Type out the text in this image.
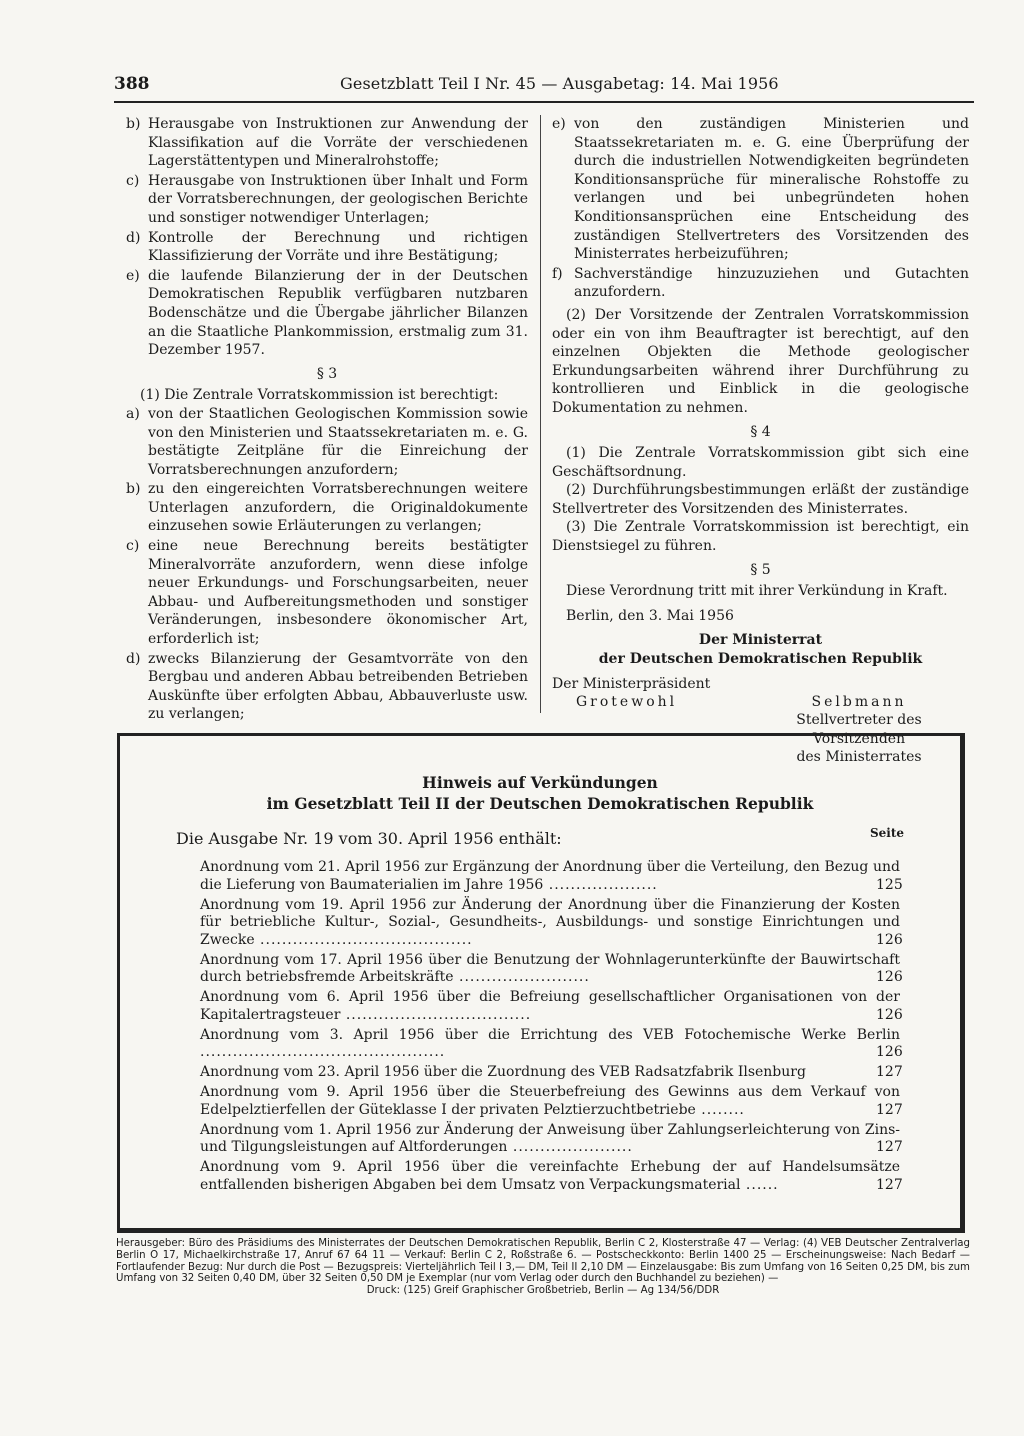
388	Gesetzblatt Teil I Nr. 45 — Ausgabetag: 14. Mai 1956
b) Herausgabe von Instruktionen zur Anwendung der Klassifikation auf die Vorräte der verschiedenen Lagerstättentypen und Mineralrohstoffe;
c) Herausgabe von Instruktionen über Inhalt und Form der Vorratsberechnungen, der geologischen Berichte und sonstiger notwendiger Unterlagen;
d) Kontrolle der Berechnung und richtigen Klassifizierung der Vorräte und ihre Bestätigung;
e) die laufende Bilanzierung der in der Deutschen Demokratischen Republik verfügbaren nutzbaren Bodenschätze und die Übergabe jährlicher Bilanzen an die Staatliche Plankommission, erstmalig zum 31. Dezember 1957.
§ 3
(1) Die Zentrale Vorratskommission ist berechtigt:
a) von der Staatlichen Geologischen Kommission sowie von den Ministerien und Staatssekretariaten m. e. G. bestätigte Zeitpläne für die Einreichung der Vorratsberechnungen anzufordern;
b) zu den eingereichten Vorratsberechnungen weitere Unterlagen anzufordern, die Originaldokumente einzusehen sowie Erläuterungen zu verlangen;
c) eine neue Berechnung bereits bestätigter Mineralvorräte anzufordern, wenn diese infolge neuer Erkundungs- und Forschungsarbeiten, neuer Abbau- und Aufbereitungsmethoden und sonstiger Veränderungen, insbesondere ökonomischer Art, erforderlich ist;
d) zwecks Bilanzierung der Gesamtvorräte von den Bergbau und anderen Abbau betreibenden Betrieben Auskünfte über erfolgten Abbau, Abbauverluste usw. zu verlangen;
e) von den zuständigen Ministerien und Staatssekretariaten m. e. G. eine Überprüfung der durch die industriellen Notwendigkeiten begründeten Konditionsansprüche für mineralische Rohstoffe zu verlangen und bei unbegründeten hohen Konditionsansprüchen eine Entscheidung des zuständigen Stellvertreters des Vorsitzenden des Ministerrates herbeizuführen;
f) Sachverständige hinzuzuziehen und Gutachten anzufordern.
(2) Der Vorsitzende der Zentralen Vorratskommission oder ein von ihm Beauftragter ist berechtigt, auf den einzelnen Objekten die Methode geologischer Erkundungsarbeiten während ihrer Durchführung zu kontrollieren und Einblick in die geologische Dokumentation zu nehmen.
§ 4
(1) Die Zentrale Vorratskommission gibt sich eine Geschäftsordnung.
(2) Durchführungsbestimmungen erläßt der zuständige Stellvertreter des Vorsitzenden des Ministerrates.
(3) Die Zentrale Vorratskommission ist berechtigt, ein Dienstsiegel zu führen.
§ 5
Diese Verordnung tritt mit ihrer Verkündung in Kraft.
Berlin, den 3. Mai 1956
Der Ministerrat
der Deutschen Demokratischen Republik
Der Ministerpräsident
Grotewohl	Selbmann
Stellvertreter des Vorsitzenden
des Ministerrates
Hinweis auf Verkündungen
im Gesetzblatt Teil II der Deutschen Demokratischen Republik
Die Ausgabe Nr. 19 vom 30. April 1956 enthält:	Seite
Anordnung vom 21. April 1956 zur Ergänzung der Anordnung über die Verteilung, den Bezug und die Lieferung von Baumaterialien im Jahre 1956 ....................	125
Anordnung vom 19. April 1956 zur Änderung der Anordnung über die Finanzierung der Kosten für betriebliche Kultur-, Sozial-, Gesundheits-, Ausbildungs- und sonstige Einrichtungen und Zwecke .......................................	126
Anordnung vom 17. April 1956 über die Benutzung der Wohnlagerunterkünfte der Bauwirtschaft durch betriebsfremde Arbeitskräfte ........................	126
Anordnung vom 6. April 1956 über die Befreiung gesellschaftlicher Organisationen von der Kapitalertragsteuer ..................................	126
Anordnung vom 3. April 1956 über die Errichtung des VEB Fotochemische Werke Berlin .............................................	126
Anordnung vom 23. April 1956 über die Zuordnung des VEB Radsatzfabrik Ilsenburg	127
Anordnung vom 9. April 1956 über die Steuerbefreiung des Gewinns aus dem Verkauf von Edelpelztierfellen der Güteklasse I der privaten Pelztierzuchtbetriebe ........	127
Anordnung vom 1. April 1956 zur Änderung der Anweisung über Zahlungserleichterung von Zins- und Tilgungsleistungen auf Altforderungen ......................	127
Anordnung vom 9. April 1956 über die vereinfachte Erhebung der auf Handelsumsätze entfallenden bisherigen Abgaben bei dem Umsatz von Verpackungsmaterial ......	127
Herausgeber: Büro des Präsidiums des Ministerrates der Deutschen Demokratischen Republik, Berlin C 2, Klosterstraße 47 — Verlag: (4) VEB Deutscher Zentralverlag Berlin O 17, Michaelkirchstraße 17, Anruf 67 64 11 — Verkauf: Berlin C 2, Roßstraße 6. — Postscheckkonto: Berlin 1400 25 — Erscheinungsweise: Nach Bedarf — Fortlaufender Bezug: Nur durch die Post — Bezugspreis: Vierteljährlich Teil I 3,— DM, Teil II 2,10 DM — Einzelausgabe: Bis zum Umfang von 16 Seiten 0,25 DM, bis zum Umfang von 32 Seiten 0,40 DM, über 32 Seiten 0,50 DM je Exemplar (nur vom Verlag oder durch den Buchhandel zu beziehen) —
Druck: (125) Greif Graphischer Großbetrieb, Berlin — Ag 134/56/DDR
